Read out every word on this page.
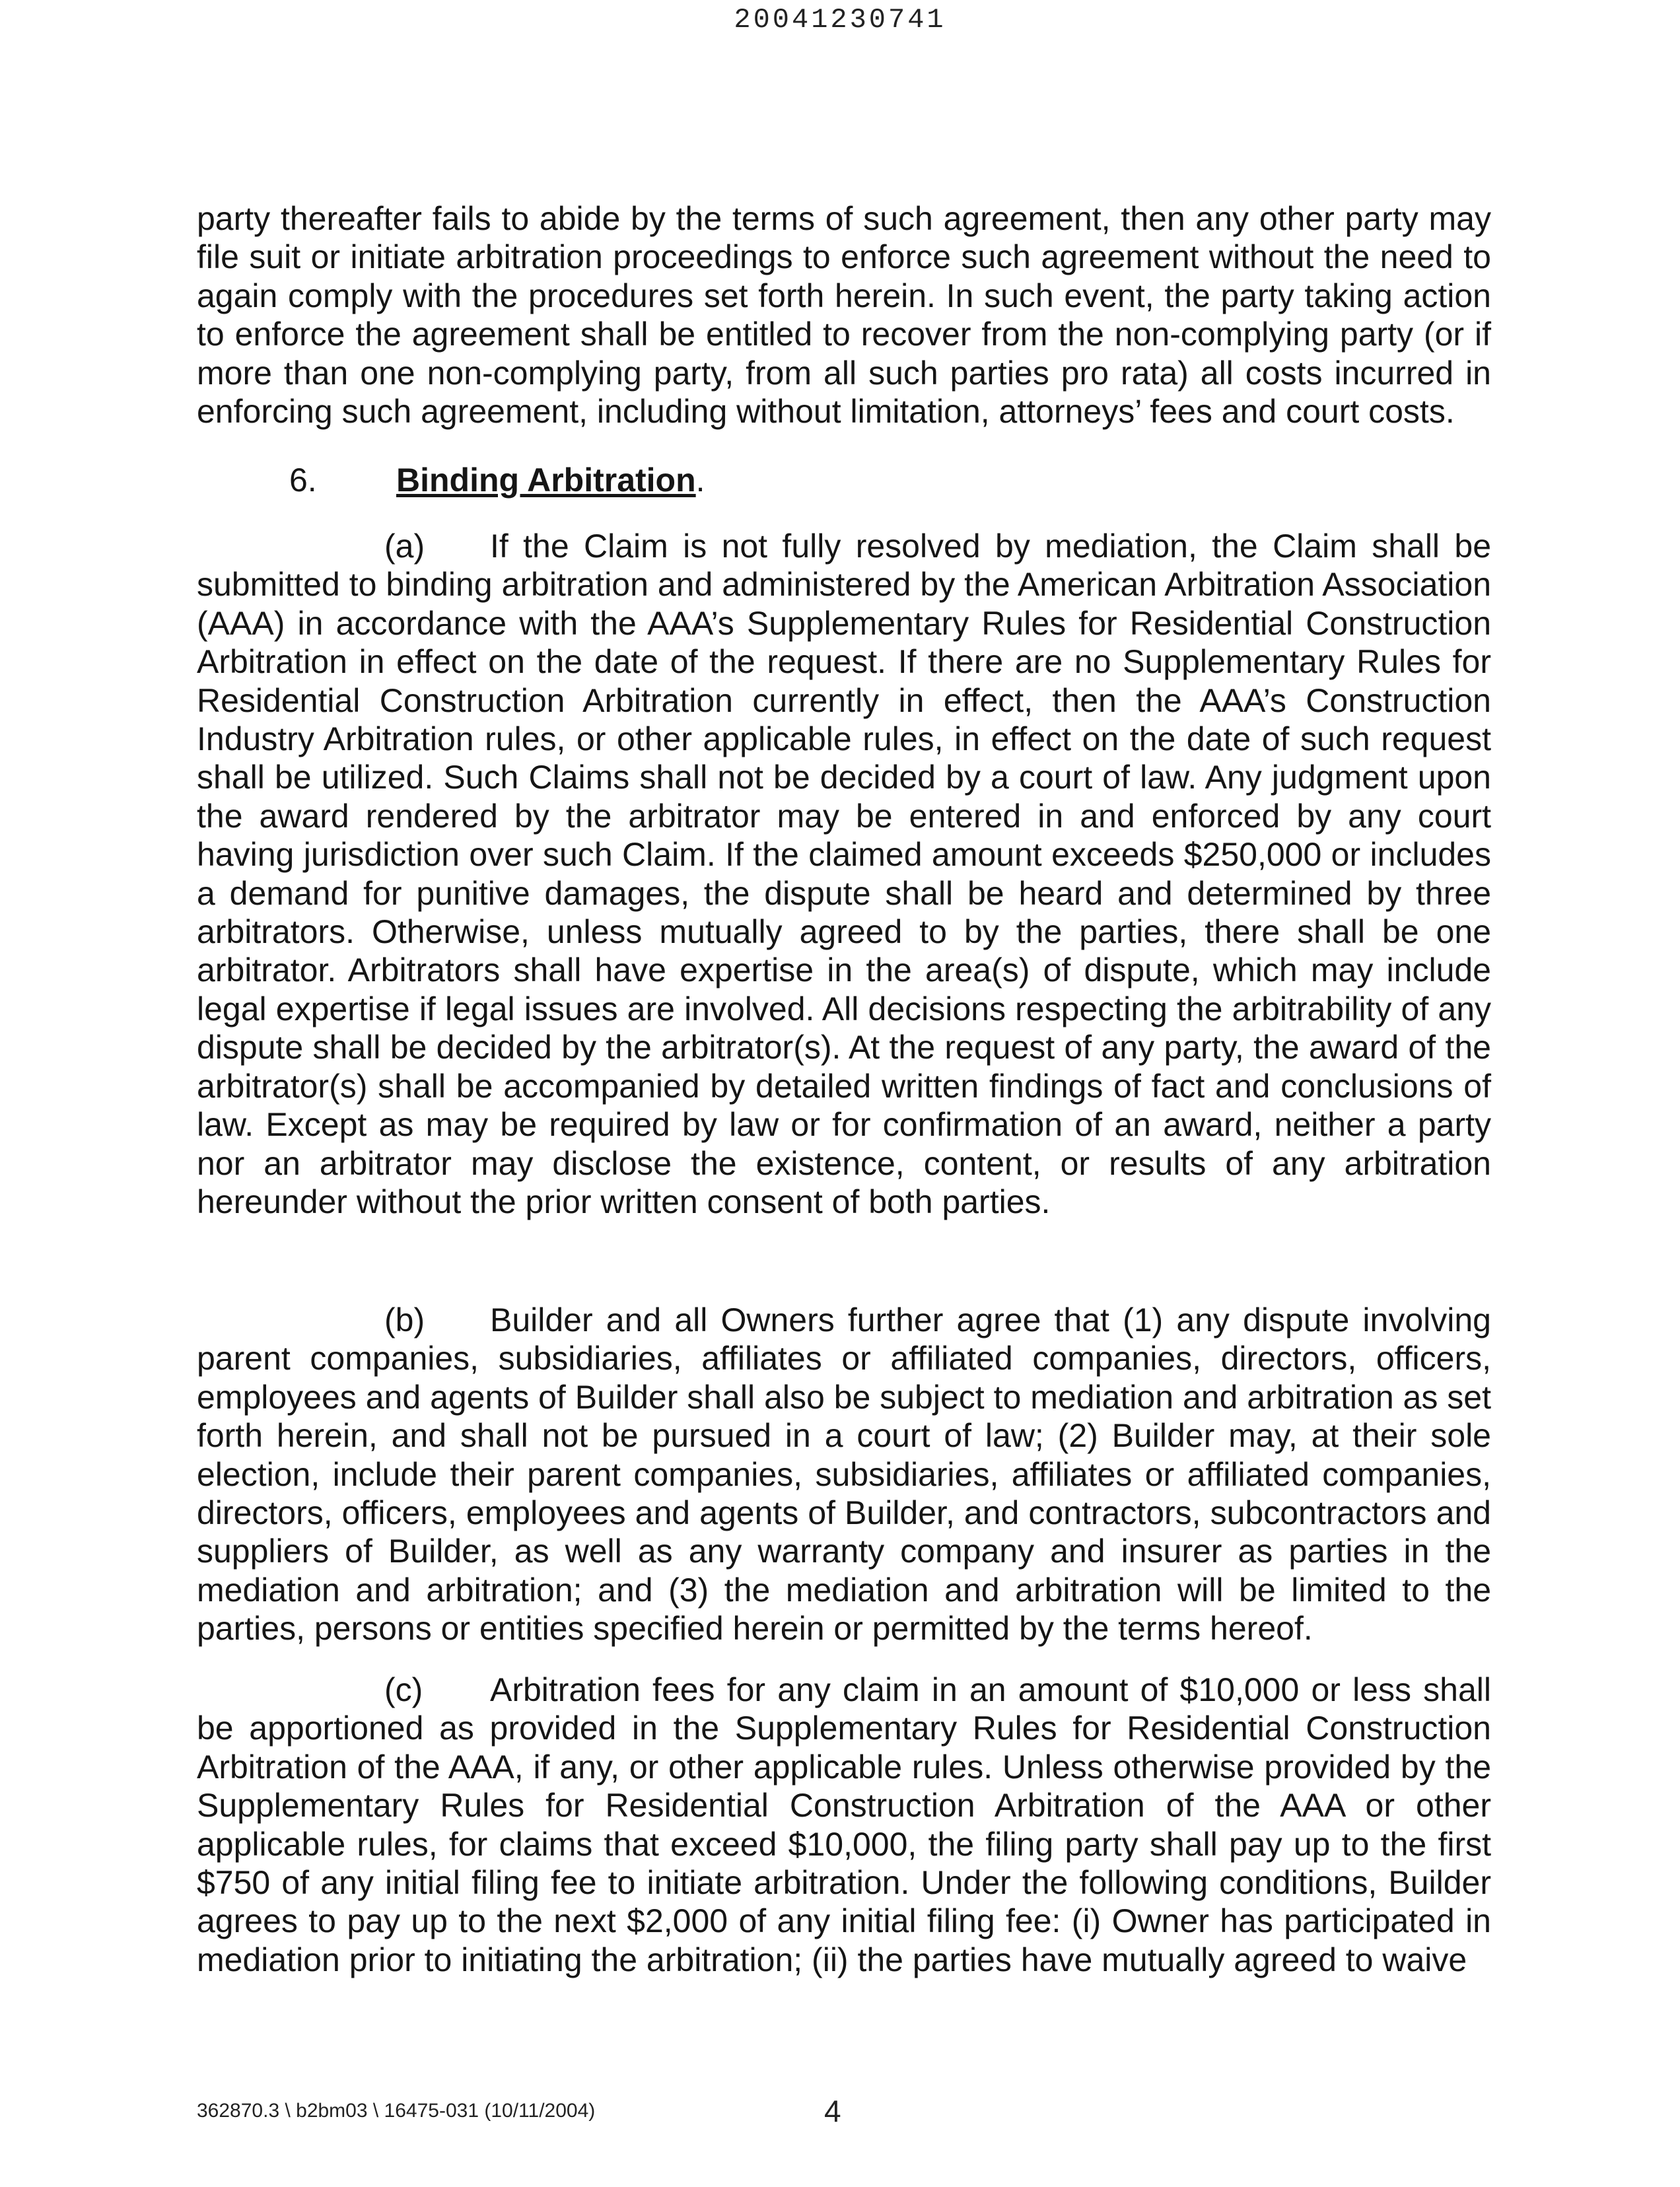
20041230741
party thereafter fails to abide by the terms of such agreement, then any other party may file suit or initiate arbitration proceedings to enforce such agreement without the need to again comply with the procedures set forth herein. In such event, the party taking action to enforce the agreement shall be entitled to recover from the non-complying party (or if more than one non-complying party, from all such parties pro rata) all costs incurred in enforcing such agreement, including without limitation, attorneys’ fees and court costs.
6. Binding Arbitration.
(a) If the Claim is not fully resolved by mediation, the Claim shall be submitted to binding arbitration and administered by the American Arbitration Association (AAA) in accordance with the AAA’s Supplementary Rules for Residential Construction Arbitration in effect on the date of the request. If there are no Supplementary Rules for Residential Construction Arbitration currently in effect, then the AAA’s Construction Industry Arbitration rules, or other applicable rules, in effect on the date of such request shall be utilized. Such Claims shall not be decided by a court of law. Any judgment upon the award rendered by the arbitrator may be entered in and enforced by any court having jurisdiction over such Claim. If the claimed amount exceeds $250,000 or includes a demand for punitive damages, the dispute shall be heard and determined by three arbitrators. Otherwise, unless mutually agreed to by the parties, there shall be one arbitrator. Arbitrators shall have expertise in the area(s) of dispute, which may include legal expertise if legal issues are involved. All decisions respecting the arbitrability of any dispute shall be decided by the arbitrator(s). At the request of any party, the award of the arbitrator(s) shall be accompanied by detailed written findings of fact and conclusions of law. Except as may be required by law or for confirmation of an award, neither a party nor an arbitrator may disclose the existence, content, or results of any arbitration hereunder without the prior written consent of both parties.
(b) Builder and all Owners further agree that (1) any dispute involving parent companies, subsidiaries, affiliates or affiliated companies, directors, officers, employees and agents of Builder shall also be subject to mediation and arbitration as set forth herein, and shall not be pursued in a court of law; (2) Builder may, at their sole election, include their parent companies, subsidiaries, affiliates or affiliated companies, directors, officers, employees and agents of Builder, and contractors, subcontractors and suppliers of Builder, as well as any warranty company and insurer as parties in the mediation and arbitration; and (3) the mediation and arbitration will be limited to the parties, persons or entities specified herein or permitted by the terms hereof.
(c) Arbitration fees for any claim in an amount of $10,000 or less shall be apportioned as provided in the Supplementary Rules for Residential Construction Arbitration of the AAA, if any, or other applicable rules. Unless otherwise provided by the Supplementary Rules for Residential Construction Arbitration of the AAA or other applicable rules, for claims that exceed $10,000, the filing party shall pay up to the first $750 of any initial filing fee to initiate arbitration. Under the following conditions, Builder agrees to pay up to the next $2,000 of any initial filing fee: (i) Owner has participated in mediation prior to initiating the arbitration; (ii) the parties have mutually agreed to waive
362870.3 \ b2bm03 \ 16475-031 (10/11/2004)	4
